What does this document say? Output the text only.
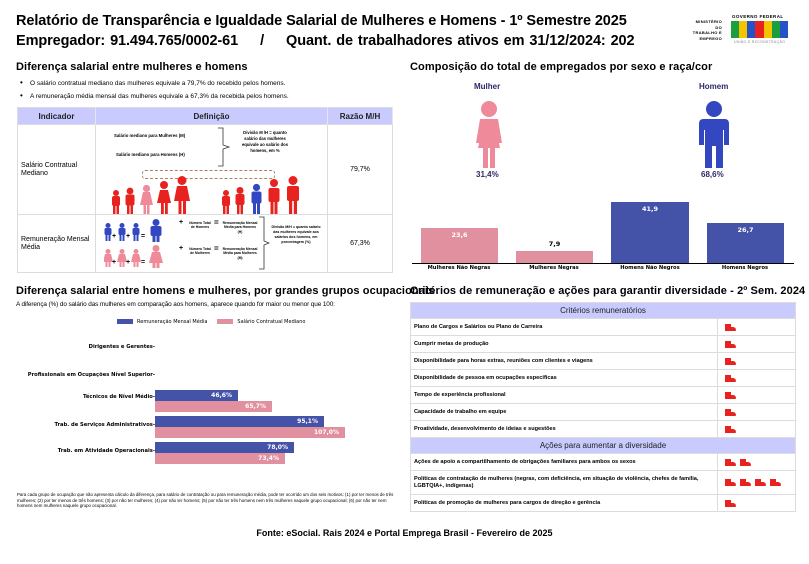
Relatório de Transparência e Igualdade Salarial de Mulheres e Homens - 1º Semestre 2025
Empregador: 91.494.765/0002-61 / Quant. de trabalhadores ativos em 31/12/2024: 202
MINISTÉRIO DO TRABALHO E EMPREGO
GOVERNO FEDERAL
UNIÃO E RECONSTRUÇÃO
Diferença salarial entre mulheres e homens
• O salário contratual mediano das mulheres equivale a 79,7% do recebido pelos homens.
• A remuneração média mensal das mulheres equivale a 67,3% da recebida pelos homens.
Indicador	Definição	Razão M/H
Salário Contratual Mediano	Salário mediano para Mulheres (M)
Salário mediano para Homens (H)
Divisão M /H = quanto salário das mulheres equivale ao salário dos homens, em %	79,7%
Remuneração Mensal Média	
+ + =
+ + =
+
+
Número Total de Homens
Número Total de Mulheres
=
=
Remuneração Mensal Média para Homens (H)
Remuneração Mensal Média para Mulheres (M)
Divisão M/H = quanto salário das mulheres equivale aos salários dos homens, em porcentagem (%)	67,3%
Composição do total de empregados por sexo e raça/cor
Mulher	Homem
31,4%	68,6%
23,6
7,9
41,9
26,7
Mulheres Não Negras	Mulheres Negras	Homens Não Negros	Homens Negros
Diferença salarial entre homens e mulheres, por grandes grupos ocupacionais
A diferença (%) do salário das mulheres em comparação aos homens, aparece quando for maior ou menor que 100:
Remuneração Mensal Média	Salário Contratual Mediano
Dirigentes e Gerentes-
Profissionais em Ocupações Nível Superior-
Técnicos de Nível Médio-
Trab. de Serviços Administrativos-
Trab. em Atividade Operacionais-
46,6%
65,7%
95,1%
107,0%
78,0%
73,4%
Para cada grupo de ocupação que não apresenta cálculo da diferença, para salário de contratação ou para remuneração média, pode ter ocorrido um dos seis motivos: (1) por ter menos de três mulheres; (2) por ter menos de três homens; (3) por não ter mulheres; (4) por não ter homens; (5) por não ter três homens nem três mulheres naquele grupo ocupacional; (6) por não ter nem homens nem mulheres naquele grupo ocupacional.
Critérios de remuneração e ações para garantir diversidade - 2º Sem. 2024
Critérios remuneratórios	
Plano de Cargos e Salários ou Plano de Carreira	
Cumprir metas de produção	
Disponibilidade para horas extras, reuniões com clientes e viagens	
Disponibilidade de pessoa em ocupações específicas	
Tempo de experiência profissional	
Capacidade de trabalho em equipe	
Proatividade, desenvolvimento de ideias e sugestões	
Ações para aumentar a diversidade	
Ações de apoio a compartilhamento de obrigações familiares para ambos os sexos	
Políticas de contratação de mulheres (negras, com deficiência, em situação de violência, chefes de família, LGBTQIA+, indígenas)	
Políticas de promoção de mulheres para cargos de direção e gerência	
Fonte: eSocial. Rais 2024 e Portal Emprega Brasil - Fevereiro de 2025
